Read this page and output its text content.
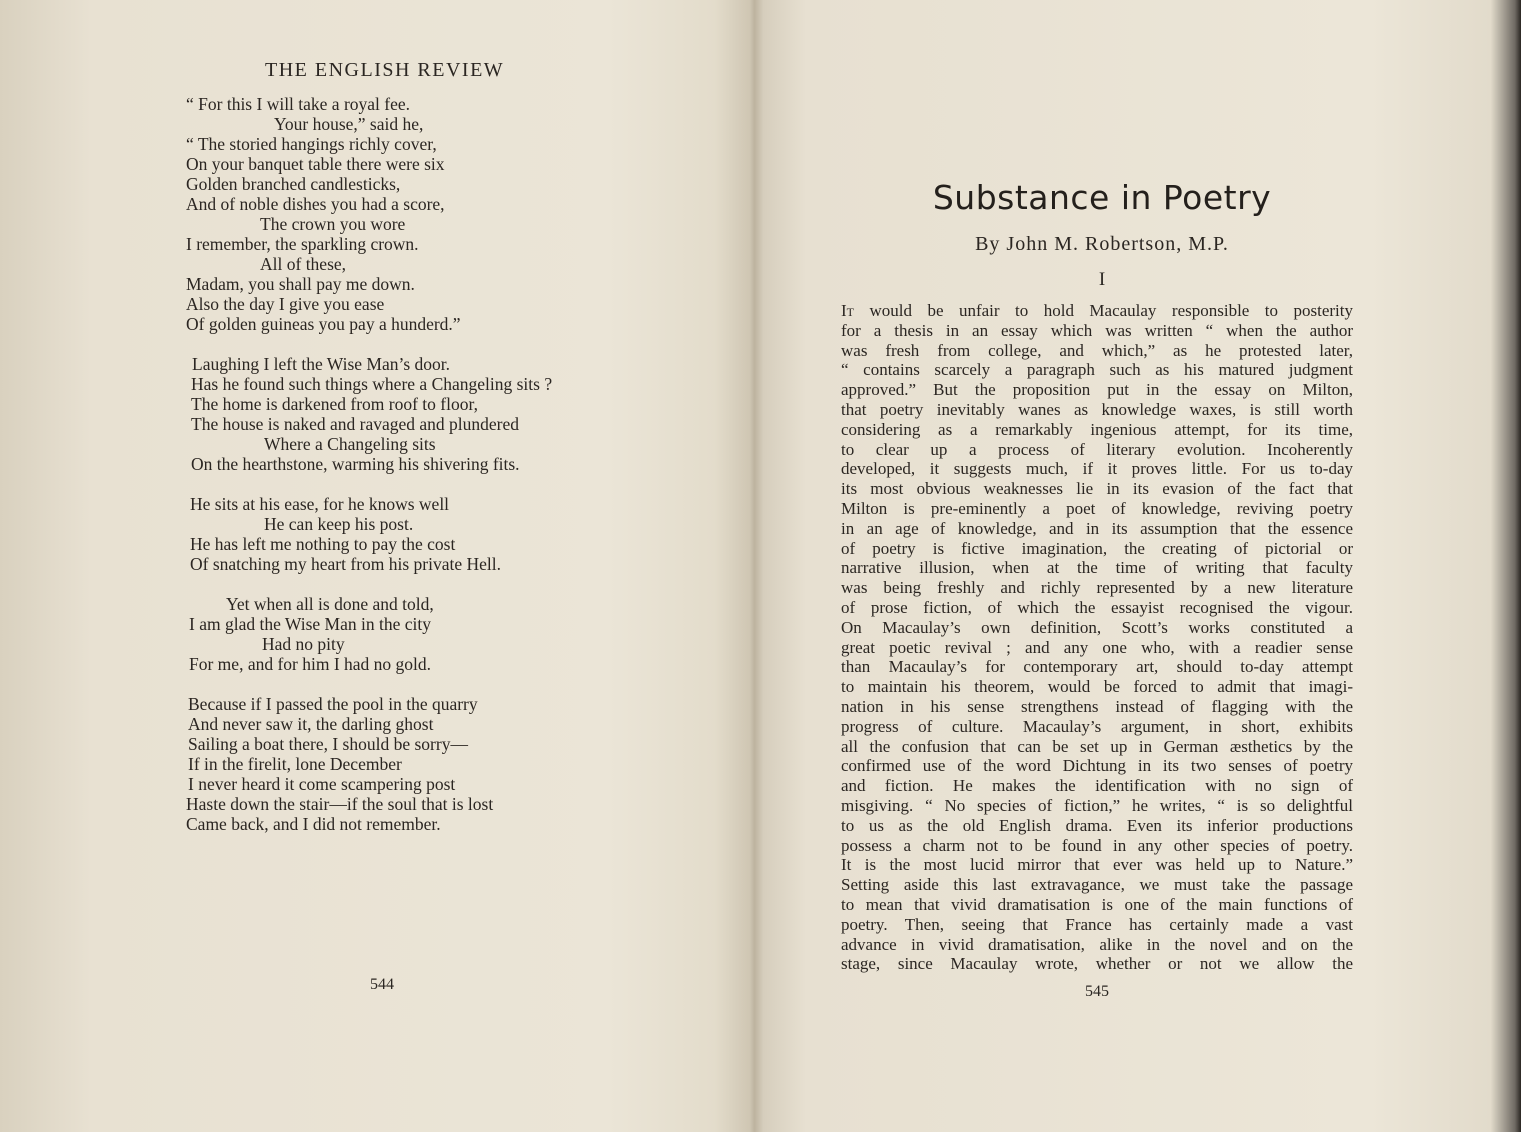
THE ENGLISH REVIEW
“ For this I will take a royal fee.
Your house,” said he,
“ The storied hangings richly cover,
On your banquet table there were six
Golden branched candlesticks,
And of noble dishes you had a score,
The crown you wore
I remember, the sparkling crown.
All of these,
Madam, you shall pay me down.
Also the day I give you ease
Of golden guineas you pay a hunderd.”
Laughing I left the Wise Man’s door.
Has he found such things where a Changeling sits ?
The home is darkened from roof to floor,
The house is naked and ravaged and plundered
Where a Changeling sits
On the hearthstone, warming his shivering fits.
He sits at his ease, for he knows well
He can keep his post.
He has left me nothing to pay the cost
Of snatching my heart from his private Hell.
Yet when all is done and told,
I am glad the Wise Man in the city
Had no pity
For me, and for him I had no gold.
Because if I passed the pool in the quarry
And never saw it, the darling ghost
Sailing a boat there, I should be sorry—
If in the firelit, lone December
I never heard it come scampering post
Haste down the stair—if the soul that is lost
Came back, and I did not remember.
544
Substance in Poetry
By John M. Robertson, M.P.
I
It would be unfair to hold Macaulay responsible to posterity
for a thesis in an essay which was written “ when the author
was fresh from college, and which,” as he protested later,
“ contains scarcely a paragraph such as his matured judgment
approved.” But the proposition put in the essay on Milton,
that poetry inevitably wanes as knowledge waxes, is still worth
considering as a remarkably ingenious attempt, for its time,
to clear up a process of literary evolution. Incoherently
developed, it suggests much, if it proves little. For us to-day
its most obvious weaknesses lie in its evasion of the fact that
Milton is pre-eminently a poet of knowledge, reviving poetry
in an age of knowledge, and in its assumption that the essence
of poetry is fictive imagination, the creating of pictorial or
narrative illusion, when at the time of writing that faculty
was being freshly and richly represented by a new literature
of prose fiction, of which the essayist recognised the vigour.
On Macaulay’s own definition, Scott’s works constituted a
great poetic revival ; and any one who, with a readier sense
than Macaulay’s for contemporary art, should to-day attempt
to maintain his theorem, would be forced to admit that imagi-
nation in his sense strengthens instead of flagging with the
progress of culture. Macaulay’s argument, in short, exhibits
all the confusion that can be set up in German æsthetics by the
confirmed use of the word Dichtung in its two senses of poetry
and fiction. He makes the identification with no sign of
misgiving. “ No species of fiction,” he writes, “ is so delightful
to us as the old English drama. Even its inferior productions
possess a charm not to be found in any other species of poetry.
It is the most lucid mirror that ever was held up to Nature.”
Setting aside this last extravagance, we must take the passage
to mean that vivid dramatisation is one of the main functions of
poetry. Then, seeing that France has certainly made a vast
advance in vivid dramatisation, alike in the novel and on the
stage, since Macaulay wrote, whether or not we allow the
545
